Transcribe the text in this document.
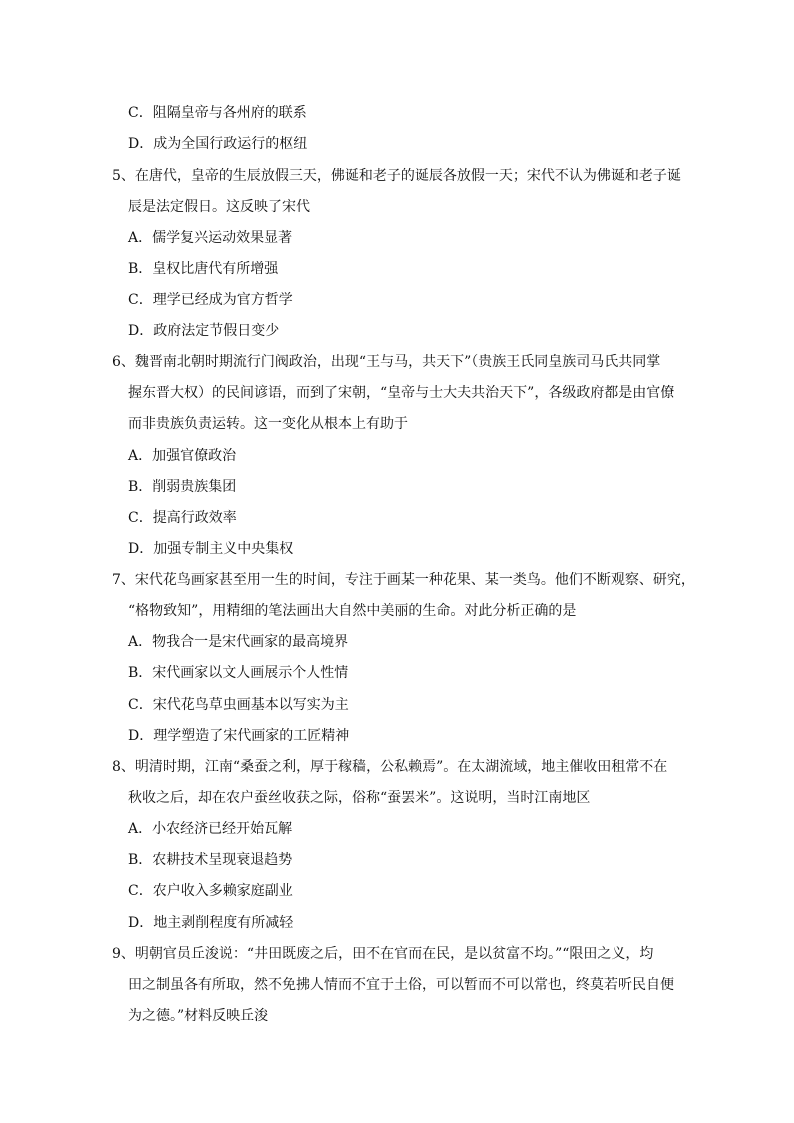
C．阻隔皇帝与各州府的联系
D．成为全国行政运行的枢纽
5、在唐代，皇帝的生辰放假三天，佛诞和老子的诞辰各放假一天；宋代不认为佛诞和老子诞
辰是法定假日。这反映了宋代
A．儒学复兴运动效果显著
B．皇权比唐代有所增强
C．理学已经成为官方哲学
D．政府法定节假日变少
6、魏晋南北朝时期流行门阀政治，出现“王与马，共天下”（贵族王氏同皇族司马氏共同掌
握东晋大权）的民间谚语，而到了宋朝，“皇帝与士大夫共治天下”，各级政府都是由官僚
而非贵族负责运转。这一变化从根本上有助于
A．加强官僚政治
B．削弱贵族集团
C．提高行政效率
D．加强专制主义中央集权
7、宋代花鸟画家甚至用一生的时间，专注于画某一种花果、某一类鸟。他们不断观察、研究，
“格物致知”，用精细的笔法画出大自然中美丽的生命。对此分析正确的是
A．物我合一是宋代画家的最高境界
B．宋代画家以文人画展示个人性情
C．宋代花鸟草虫画基本以写实为主
D．理学塑造了宋代画家的工匠精神
8、明清时期，江南“桑蚕之利，厚于稼穑，公私赖焉”。在太湖流域，地主催收田租常不在
秋收之后，却在农户蚕丝收获之际，俗称“蚕罢米”。这说明，当时江南地区
A．小农经济已经开始瓦解
B．农耕技术呈现衰退趋势
C．农户收入多赖家庭副业
D．地主剥削程度有所减轻
9、明朝官员丘浚说：“井田既废之后，田不在官而在民，是以贫富不均。”“限田之义，均
田之制虽各有所取，然不免拂人情而不宜于土俗，可以暂而不可以常也，终莫若听民自便
为之德。”材料反映丘浚
